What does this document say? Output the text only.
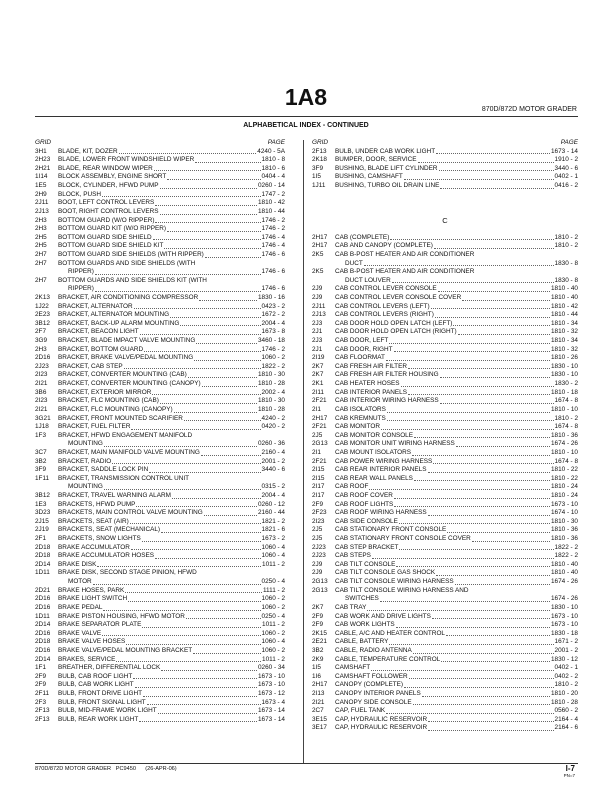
1A8	870D/872D MOTOR GRADER
ALPHABETICAL INDEX - CONTINUED
GRID	PAGE
3H1	BLADE, KIT, DOZER	4240 - 5A
2H23	BLADE, LOWER FRONT WINDSHIELD WIPER	1810 - 8
2H21	BLADE, REAR WINDOW WIPER	1810 - 6
1I14	BLOCK ASSEMBLY, ENGINE SHORT	0404 - 4
1E5	BLOCK, CYLINDER, HFWD PUMP	0260 - 14
2H9	BLOCK, PUSH	1747 - 2
2J11	BOOT, LEFT CONTROL LEVERS	1810 - 42
2J13	BOOT, RIGHT CONTROL LEVERS	1810 - 44
2H3	BOTTOM GUARD (W/O RIPPER)	1746 - 2
2H3	BOTTOM GUARD KIT (W/O RIPPER)	1746 - 2
2H5	BOTTOM GUARD SIDE SHIELD	1746 - 4
2H5	BOTTOM GUARD SIDE SHIELD KIT	1746 - 4
2H7	BOTTOM GUARD SIDE SHIELDS (WITH RIPPER)	1746 - 6
2H7	BOTTOM GUARDS AND SIDE SHIELDS (WITH
RIPPER)	1746 - 6
2H7	BOTTOM GUARDS AND SIDE SHIELDS KIT (WITH
RIPPER)	1746 - 6
2K13	BRACKET, AIR CONDITIONING COMPRESSOR	1830 - 16
1J22	BRACKET, ALTERNATOR	0423 - 2
2E23	BRACKET, ALTERNATOR MOUNTING	1672 - 2
3B12	BRACKET, BACK-UP ALARM MOUNTING	2004 - 4
2F7	BRACKET, BEACON LIGHT	1673 - 8
3G9	BRACKET, BLADE IMPACT VALVE MOUNTING	3460 - 18
2H3	BRACKET, BOTTOM GUARD	1746 - 2
2D16	BRACKET, BRAKE VALVE/PEDAL MOUNTING	1060 - 2
2J23	BRACKET, CAB STEP	1822 - 2
2I23	BRACKET, CONVERTER MOUNTING (CAB)	1810 - 30
2I21	BRACKET, CONVERTER MOUNTING (CANOPY)	1810 - 28
3B6	BRACKET, EXTERIOR MIRROR	2002 - 4
2I23	BRACKET, FLC MOUNTING (CAB)	1810 - 30
2I21	BRACKET, FLC MOUNTING (CANOPY)	1810 - 28
3G21	BRACKET, FRONT MOUNTED SCARIFIER	4240 - 2
1J18	BRACKET, FUEL FILTER	0420 - 2
1F3	BRACKET, HFWD ENGAGEMENT MANIFOLD
MOUNTING	0260 - 36
3C7	BRACKET, MAIN MANIFOLD VALVE MOUNTING	2160 - 4
3B2	BRACKET, RADIO	2001 - 2
3F9	BRACKET, SADDLE LOCK PIN	3440 - 6
1F11	BRACKET, TRANSMISSION CONTROL UNIT
MOUNTING	0315 - 2
3B12	BRACKET, TRAVEL WARNING ALARM	2004 - 4
1E3	BRACKETS, HFWD PUMP	0260 - 12
3D23	BRACKETS, MAIN CONTROL VALVE MOUNTING	2160 - 44
2J15	BRACKETS, SEAT (AIR)	1821 - 2
2J19	BRACKETS, SEAT (MECHANICAL)	1821 - 6
2F1	BRACKETS, SNOW LIGHTS	1673 - 2
2D18	BRAKE ACCUMULATOR	1060 - 4
2D18	BRAKE ACCUMULATOR HOSES	1060 - 4
2D14	BRAKE DISK	1011 - 2
1D11	BRAKE DISK, SECOND STAGE PINION, HFWD
MOTOR	0250 - 4
2D21	BRAKE HOSES, PARK	1111 - 2
2D16	BRAKE LIGHT SWITCH	1060 - 2
2D16	BRAKE PEDAL	1060 - 2
1D11	BRAKE PISTON HOUSING, HFWD MOTOR	0250 - 4
2D14	BRAKE SEPARATOR PLATE	1011 - 2
2D16	BRAKE VALVE	1060 - 2
2D18	BRAKE VALVE HOSES	1060 - 4
2D16	BRAKE VALVE/PEDAL MOUNTING BRACKET	1060 - 2
2D14	BRAKES, SERVICE	1011 - 2
1F1	BREATHER, DIFFERENTIAL LOCK	0260 - 34
2F9	BULB, CAB ROOF LIGHT	1673 - 10
2F9	BULB, CAB WORK LIGHT	1673 - 10
2F11	BULB, FRONT DRIVE LIGHT	1673 - 12
2F3	BULB, FRONT SIGNAL LIGHT	1673 - 4
2F13	BULB, MID-FRAME WORK LIGHT	1673 - 14
2F13	BULB, REAR WORK LIGHT	1673 - 14
GRID	PAGE
2F13	BULB, UNDER CAB WORK LIGHT	1673 - 14
2K18	BUMPER, DOOR, SERVICE	1910 - 2
3F9	BUSHING, BLADE LIFT CYLINDER	3440 - 6
1I5	BUSHING, CAMSHAFT	0402 - 1
1J11	BUSHING, TURBO OIL DRAIN LINE	0416 - 2
C
2H17	CAB (COMPLETE)	1810 - 2
2H17	CAB AND CANOPY (COMPLETE)	1810 - 2
2K5	CAB B-POST HEATER AND AIR CONDITIONER
DUCT	1830 - 8
2K5	CAB B-POST HEATER AND AIR CONDITIONER
DUCT LOUVER	1830 - 8
2J9	CAB CONTROL LEVER CONSOLE	1810 - 40
2J9	CAB CONTROL LEVER CONSOLE COVER	1810 - 40
2J11	CAB CONTROL LEVERS (LEFT)	1810 - 42
2J13	CAB CONTROL LEVERS (RIGHT)	1810 - 44
2J3	CAB DOOR HOLD OPEN LATCH (LEFT)	1810 - 34
2J1	CAB DOOR HOLD OPEN LATCH (RIGHT)	1810 - 32
2J3	CAB DOOR, LEFT	1810 - 34
2J1	CAB DOOR, RIGHT	1810 - 32
2I19	CAB FLOORMAT	1810 - 26
2K7	CAB FRESH AIR FILTER	1830 - 10
2K7	CAB FRESH AIR FILTER HOUSING	1830 - 10
2K1	CAB HEATER HOSES	1830 - 2
2I11	CAB INTERIOR PANELS	1810 - 18
2F21	CAB INTERIOR WIRING HARNESS	1674 - 8
2I1	CAB ISOLATORS	1810 - 10
2H17	CAB KREMNUTS	1810 - 2
2F21	CAB MONITOR	1674 - 8
2J5	CAB MONITOR CONSOLE	1810 - 36
2G13	CAB MONITOR UNIT WIRING HARNESS	1674 - 26
2I1	CAB MOUNT ISOLATORS	1810 - 10
2F21	CAB POWER WIRING HARNESS	1674 - 8
2I15	CAB REAR INTERIOR PANELS	1810 - 22
2I15	CAB REAR WALL PANELS	1810 - 22
2I17	CAB ROOF	1810 - 24
2I17	CAB ROOF COVER	1810 - 24
2F9	CAB ROOF LIGHTS	1673 - 10
2F23	CAB ROOF WIRING HARNESS	1674 - 10
2I23	CAB SIDE CONSOLE	1810 - 30
2J5	CAB STATIONARY FRONT CONSOLE	1810 - 36
2J5	CAB STATIONARY FRONT CONSOLE COVER	1810 - 36
2J23	CAB STEP BRACKET	1822 - 2
2J23	CAB STEPS	1822 - 2
2J9	CAB TILT CONSOLE	1810 - 40
2J9	CAB TILT CONSOLE GAS SHOCK	1810 - 40
2G13	CAB TILT CONSOLE WIRING HARNESS	1674 - 26
2G13	CAB TILT CONSOLE WIRING HARNESS AND
SWITCHES	1674 - 26
2K7	CAB TRAY	1830 - 10
2F9	CAB WORK AND DRIVE LIGHTS	1673 - 10
2F9	CAB WORK LIGHTS	1673 - 10
2K15	CABLE, A/C AND HEATER CONTROL	1830 - 18
2E21	CABLE, BATTERY	1671 - 2
3B2	CABLE, RADIO ANTENNA	2001 - 2
2K9	CABLE, TEMPERATURE CONTROL	1830 - 12
1I5	CAMSHAFT	0402 - 1
1I6	CAMSHAFT FOLLOWER	0402 - 2
2H17	CANOPY (COMPLETE)	1810 - 2
2I13	CANOPY INTERIOR PANELS	1810 - 20
2I21	CANOPY SIDE CONSOLE	1810 - 28
2C7	CAP, FUEL TANK	0560 - 2
3E15	CAP, HYDRAULIC RESERVOIR	2164 - 4
3E17	CAP, HYDRAULIC RESERVOIR	2164 - 6
870D/872D MOTOR GRADER   PC9450      (26-APR-06)	I-7
PN=7
